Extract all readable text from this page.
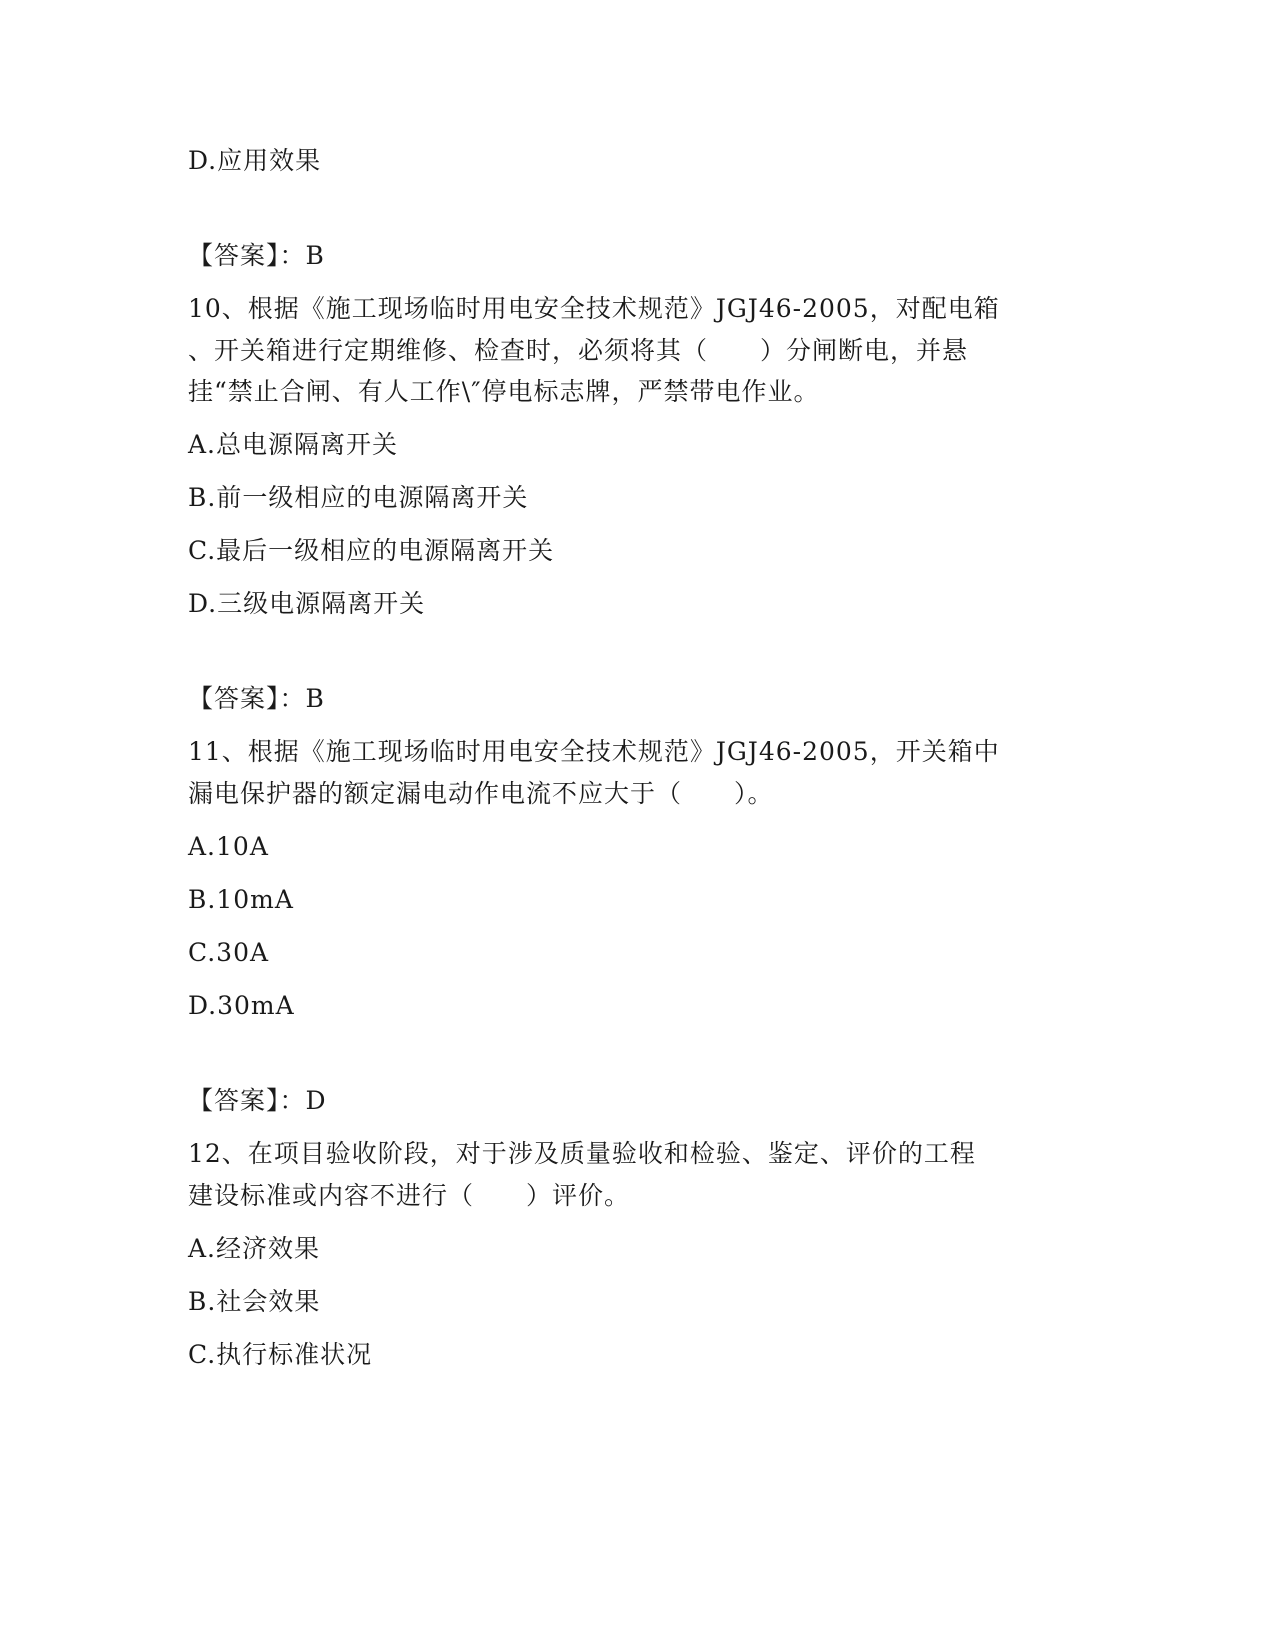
D.应用效果
【答案】：B
10、根据《施工现场临时用电安全技术规范》JGJ46-2005，对配电箱
、开关箱进行定期维修、检查时，必须将其（　　）分闸断电，并悬
挂“禁止合闸、有人工作\″停电标志牌，严禁带电作业。
A.总电源隔离开关
B.前一级相应的电源隔离开关
C.最后一级相应的电源隔离开关
D.三级电源隔离开关
【答案】：B
11、根据《施工现场临时用电安全技术规范》JGJ46-2005，开关箱中
漏电保护器的额定漏电动作电流不应大于（　　）。
A.10A
B.10mA
C.30A
D.30mA
【答案】：D
12、在项目验收阶段，对于涉及质量验收和检验、鉴定、评价的工程
建设标准或内容不进行（　　）评价。
A.经济效果
B.社会效果
C.执行标准状况
